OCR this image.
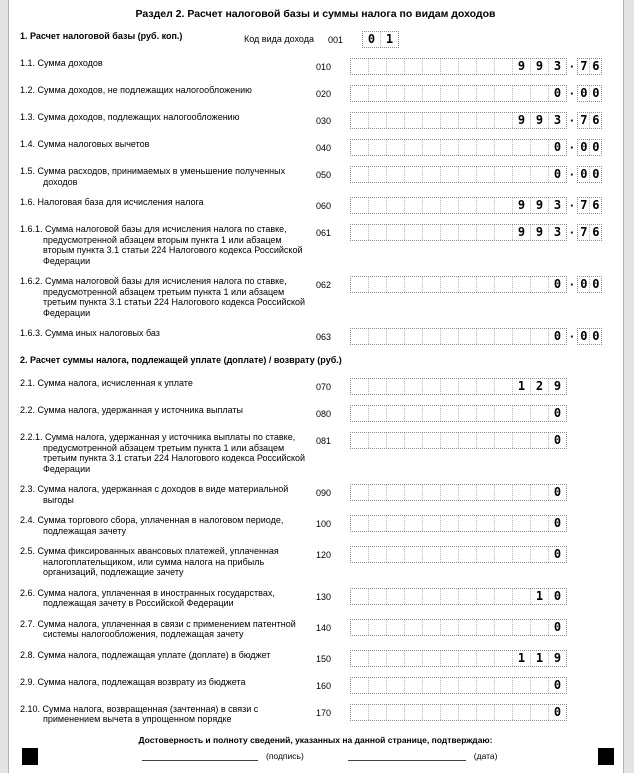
Раздел 2. Расчет налоговой базы и суммы налога по видам доходов
1. Расчет налоговой базы (руб. коп.)	Код вида дохода	001	0 1
1.1. Сумма доходов	010	9 9 3 · 7 6
1.2. Сумма доходов, не подлежащих налогообложению	020	0 · 0 0
1.3. Сумма доходов, подлежащих налогообложению	030	9 9 3 · 7 6
1.4. Сумма налоговых вычетов	040	0 · 0 0
1.5. Сумма расходов, принимаемых в уменьшение полученных доходов
050	0 · 0 0
1.6. Налоговая база для исчисления налога	060	9 9 3 · 7 6
1.6.1. Сумма налоговой базы для исчисления налога по ставке, предусмотренной абзацем вторым пункта 1 или абзацем вторым пункта 3.1 статьи 224 Налогового кодекса Российской Федерации
061	9 9 3 · 7 6
1.6.2. Сумма налоговой базы для исчисления налога по ставке, предусмотренной абзацем третьим пункта 1 или абзацем третьим пункта 3.1 статьи 224 Налогового кодекса Российской Федерации
062	0 · 0 0
1.6.3. Сумма иных налоговых баз	063	0 · 0 0
2. Расчет суммы налога, подлежащей уплате (доплате) / возврату (руб.)
2.1. Сумма налога, исчисленная к уплате	070	1 2 9
2.2. Сумма налога, удержанная у источника выплаты	080	0
2.2.1. Сумма налога, удержанная у источника выплаты по ставке, предусмотренной абзацем третьим пункта 1 или абзацем третьим пункта 3.1 статьи 224 Налогового кодекса Российской Федерации
081	0
2.3. Сумма налога, удержанная с доходов в виде материальной выгоды
090	0
2.4. Сумма торгового сбора, уплаченная в налоговом периоде, подлежащая зачету
100	0
2.5. Сумма фиксированных авансовых платежей, уплаченная налогоплательщиком, или сумма налога на прибыль организаций, подлежащие зачету
120	0
2.6. Сумма налога, уплаченная в иностранных государствах, подлежащая зачету в Российской Федерации
130	1 0
2.7. Сумма налога, уплаченная в связи с применением патентной системы налогообложения, подлежащая зачету
140	0
2.8. Сумма налога, подлежащая уплате (доплате) в бюджет	150	1 1 9
2.9. Сумма налога, подлежащая возврату из бюджета	160	0
2.10. Сумма налога, возвращенная (зачтенная) в связи с применением вычета в упрощенном порядке
170	0
Достоверность и полноту сведений, указанных на данной странице, подтверждаю:
(подпись)	(дата)
